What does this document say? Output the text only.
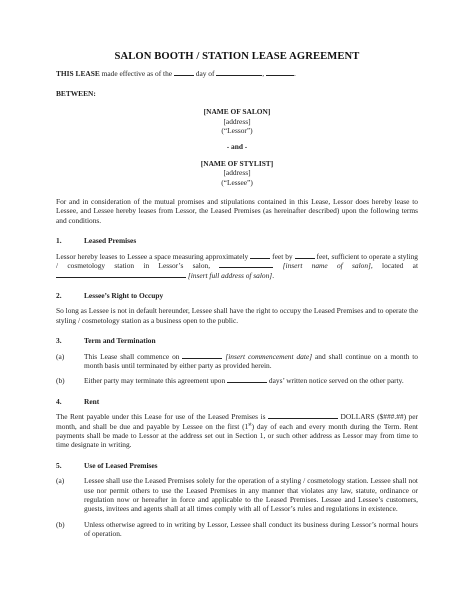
SALON BOOTH / STATION LEASE AGREEMENT

THIS LEASE made effective as of the	day of	,	.

BETWEEN:

[NAME OF SALON]
[address]
(“Lessor”)
- and -
[NAME OF STYLIST]
[address]
(“Lessee”)

For and in consideration of the mutual promises and stipulations contained in this Lease, Lessor does hereby lease to Lessee, and Lessee hereby leases from Lessor, the Leased Premises (as hereinafter described) upon the following terms and conditions.

1.	Leased Premises

Lessor hereby leases to Lessee a space measuring approximately	feet by	feet, sufficient to operate a styling / cosmetology station in Lessor’s salon,	[insert name of salon], located at  [insert full address of salon].

2.	Lessee’s Right to Occupy

So long as Lessee is not in default hereunder, Lessee shall have the right to occupy the Leased Premises and to operate the styling / cosmetology station as a business open to the public.

3.	Term and Termination
(a)	This Lease shall commence on	[insert commencement date] and shall continue on a month to month basis until terminated by either party as provided herein.
(b)	Either party may terminate this agreement upon	days’ written notice served on the other party.
4.	Rent

The Rent payable under this Lease for use of the Leased Premises is	DOLLARS ($###.##) per month, and shall be due and payable by Lessee on the first (1st) day of each and every month during the Term. Rent payments shall be made to Lessor at the address set out in Section 1, or such other address as Lessor may from time to time designate in writing.

5.	Use of Leased Premises
(a)	Lessee shall use the Leased Premises solely for the operation of a styling / cosmetology station. Lessee shall not use nor permit others to use the Leased Premises in any manner that violates any law, statute, ordinance or regulation now or hereafter in force and applicable to the Leased Premises. Lessee and Lessee’s customers, guests, invitees and agents shall at all times comply with all of Lessor’s rules and regulations in existence.
(b)	Unless otherwise agreed to in writing by Lessor, Lessee shall conduct its business during Lessor’s normal hours of operation.
